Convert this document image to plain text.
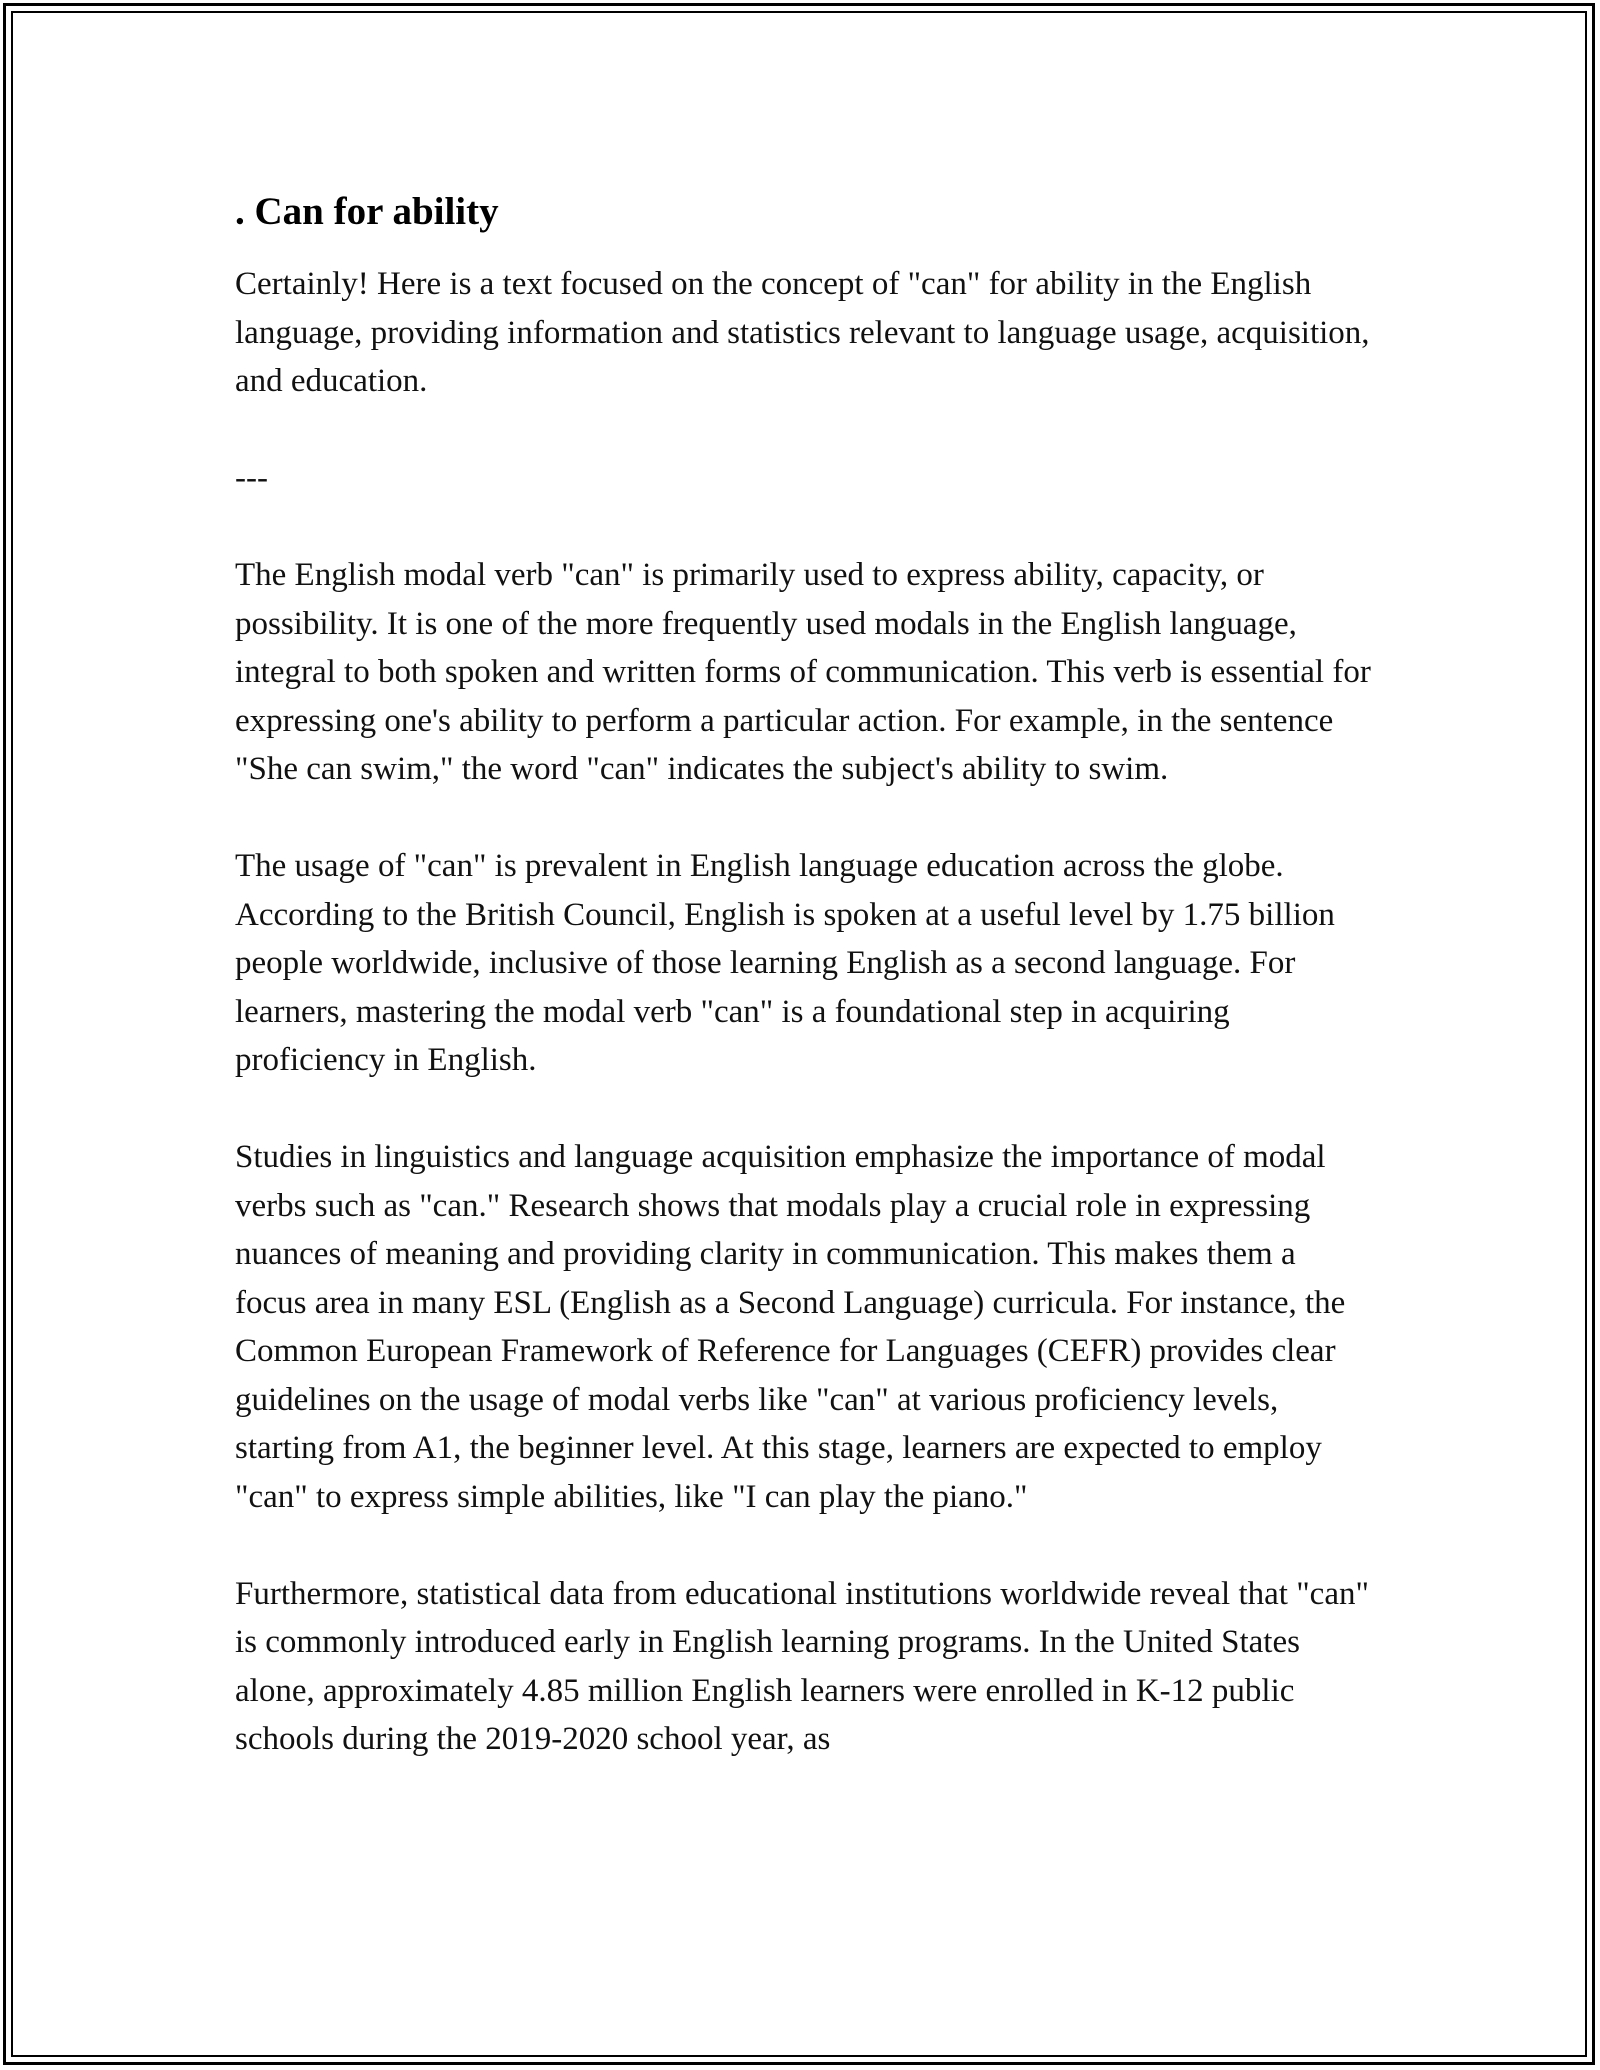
. Can for ability

Certainly! Here is a text focused on the concept of "can" for ability in the English language, providing information and statistics relevant to language usage, acquisition, and education.

---

The English modal verb "can" is primarily used to express ability, capacity, or possibility. It is one of the more frequently used modals in the English language, integral to both spoken and written forms of communication. This verb is essential for expressing one's ability to perform a particular action. For example, in the sentence "She can swim," the word "can" indicates the subject's ability to swim.

The usage of "can" is prevalent in English language education across the globe. According to the British Council, English is spoken at a useful level by 1.75 billion people worldwide, inclusive of those learning English as a second language. For learners, mastering the modal verb "can" is a foundational step in acquiring proficiency in English.

Studies in linguistics and language acquisition emphasize the importance of modal verbs such as "can." Research shows that modals play a crucial role in expressing nuances of meaning and providing clarity in communication. This makes them a focus area in many ESL (English as a Second Language) curricula. For instance, the Common European Framework of Reference for Languages (CEFR) provides clear guidelines on the usage of modal verbs like "can" at various proficiency levels, starting from A1, the beginner level. At this stage, learners are expected to employ "can" to express simple abilities, like "I can play the piano."

Furthermore, statistical data from educational institutions worldwide reveal that "can" is commonly introduced early in English learning programs. In the United States alone, approximately 4.85 million English learners were enrolled in K-12 public schools during the 2019-2020 school year, as
